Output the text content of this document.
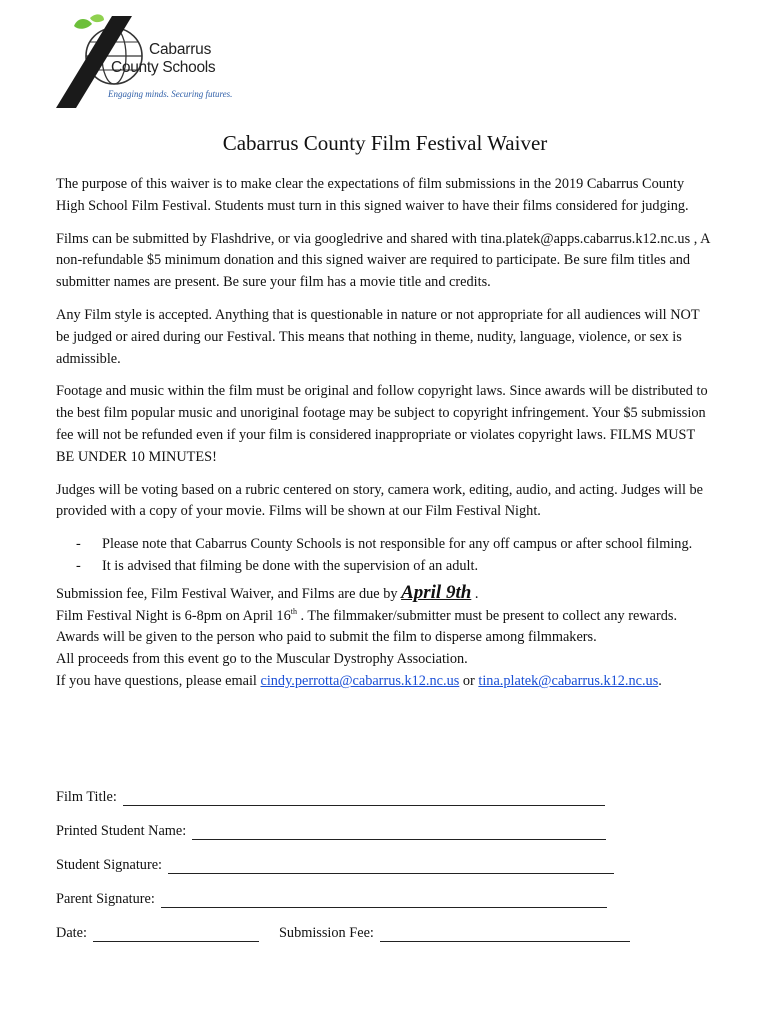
Cabarrus
County Schools
Engaging minds. Securing futures.
Cabarrus County Film Festival Waiver

The purpose of this waiver is to make clear the expectations of film submissions in the 2019 Cabarrus County High School Film Festival. Students must turn in this signed waiver to have their films considered for judging.

Films can be submitted by Flashdrive, or via googledrive and shared with tina.platek@apps.cabarrus.k12.nc.us , A non-refundable $5 minimum donation and this signed waiver are required to participate. Be sure film titles and submitter names are present. Be sure your film has a movie title and credits.

Any Film style is accepted. Anything that is questionable in nature or not appropriate for all audiences will NOT be judged or aired during our Festival. This means that nothing in theme, nudity, language, violence, or sex is admissible.

Footage and music within the film must be original and follow copyright laws. Since awards will be distributed to the best film popular music and unoriginal footage may be subject to copyright infringement. Your $5 submission fee will not be refunded even if your film is considered inappropriate or violates copyright laws. FILMS MUST BE UNDER 10 MINUTES!

Judges will be voting based on a rubric centered on story, camera work, editing, audio, and acting. Judges will be provided with a copy of your movie. Films will be shown at our Film Festival Night.

- Please note that Cabarrus County Schools is not responsible for any off campus or after school filming.
- It is advised that filming be done with the supervision of an adult.
Submission fee, Film Festival Waiver, and Films are due by April 9th .
Film Festival Night is 6-8pm on April 16th . The filmmaker/submitter must be present to collect any rewards. Awards will be given to the person who paid to submit the film to disperse among filmmakers.
All proceeds from this event go to the Muscular Dystrophy Association.
If you have questions, please email cindy.perrotta@cabarrus.k12.nc.us or tina.platek@cabarrus.k12.nc.us.
Film Title:
Printed Student Name:
Student Signature:
Parent Signature:
Date:	Submission Fee:
